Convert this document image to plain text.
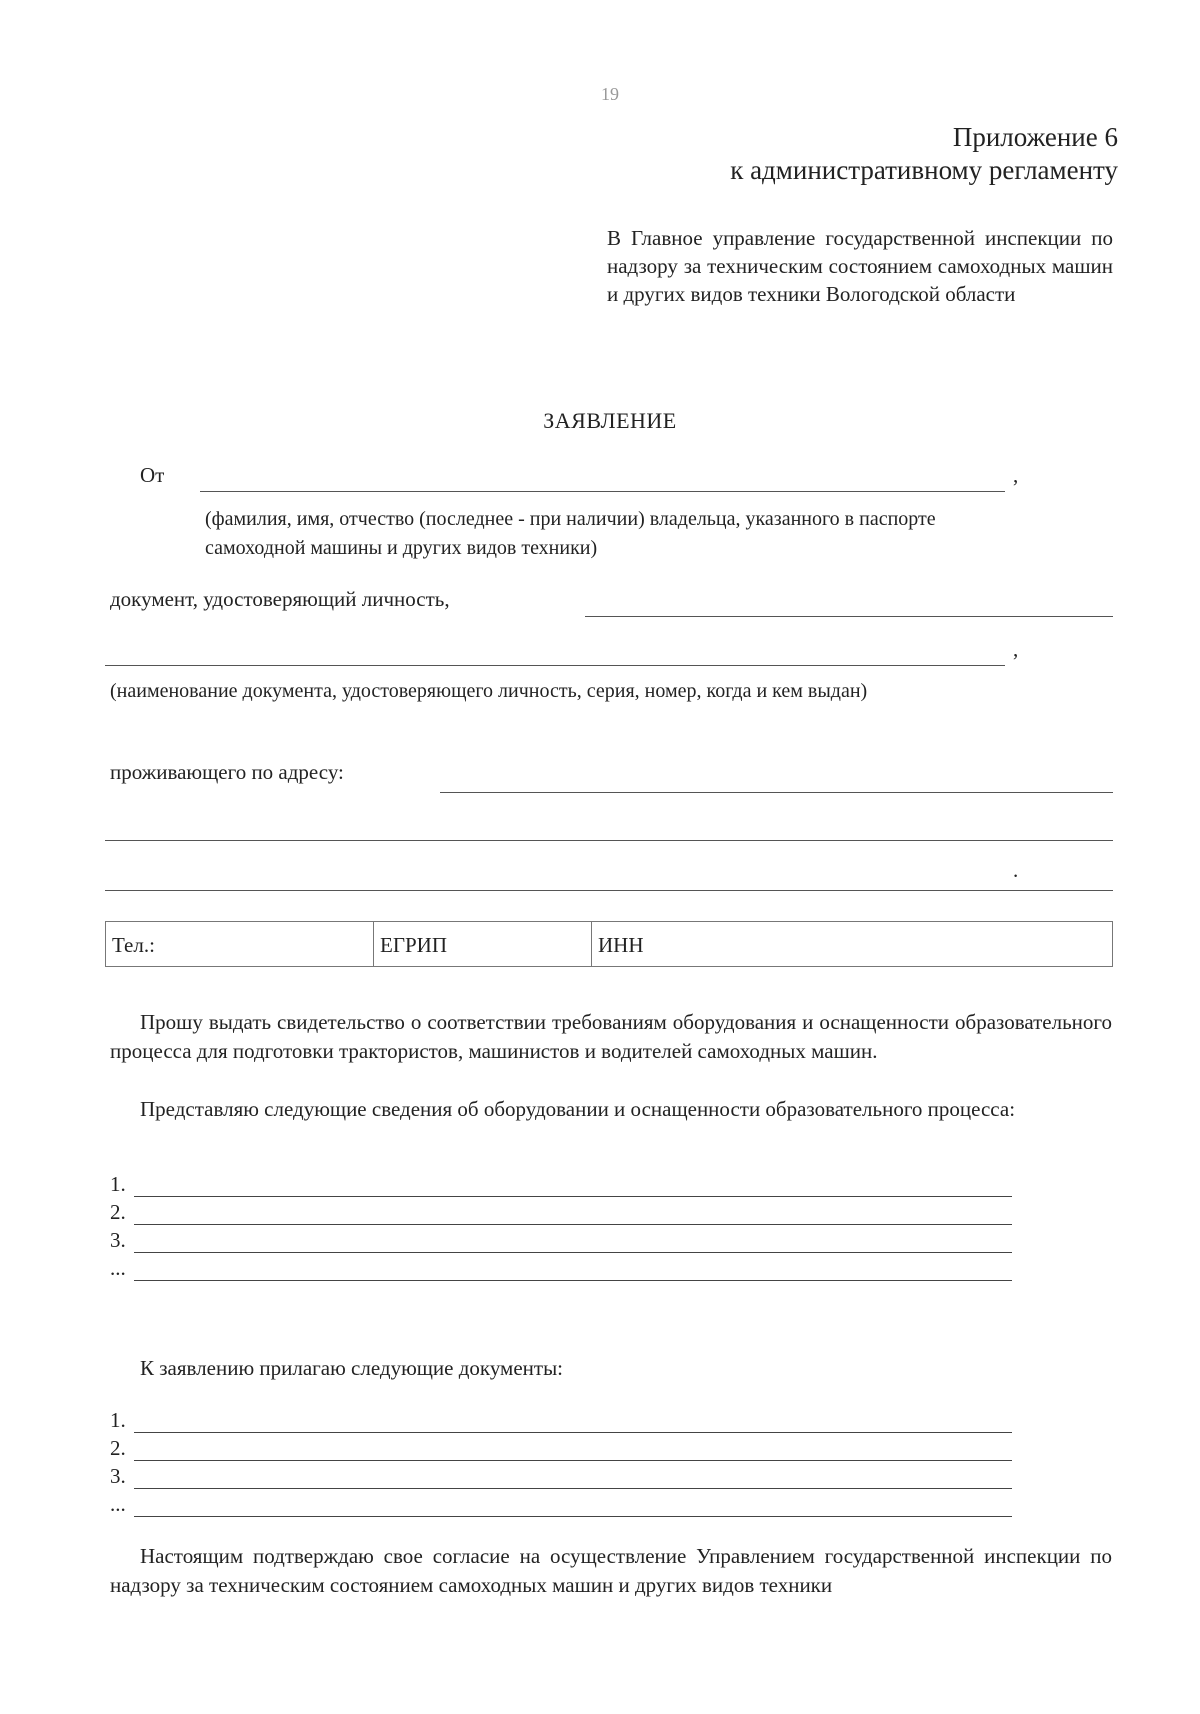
19
Приложение 6
к административному регламенту
В Главное управление государственной инспекции по надзору за техническим состоянием самоходных машин и других видов техники Вологодской области
ЗАЯВЛЕНИЕ
От	,
(фамилия, имя, отчество (последнее - при наличии) владельца, указанного в паспорте самоходной машины и других видов техники)
документ, удостоверяющий личность,
,
(наименование документа, удостоверяющего личность, серия, номер, когда и кем выдан)
проживающего по адресу:
.
Тел.:	ЕГРИП	ИНН
Прошу выдать свидетельство о соответствии требованиям оборудования и оснащенности образовательного процесса для подготовки трактористов, машинистов и водителей самоходных машин.
Представляю следующие сведения об оборудовании и оснащенности образовательного процесса:
1.
2.
3.
...
К заявлению прилагаю следующие документы:
1.
2.
3.
...
Настоящим подтверждаю свое согласие на осуществление Управлением государственной инспекции по надзору за техническим состоянием самоходных машин и других видов техники
